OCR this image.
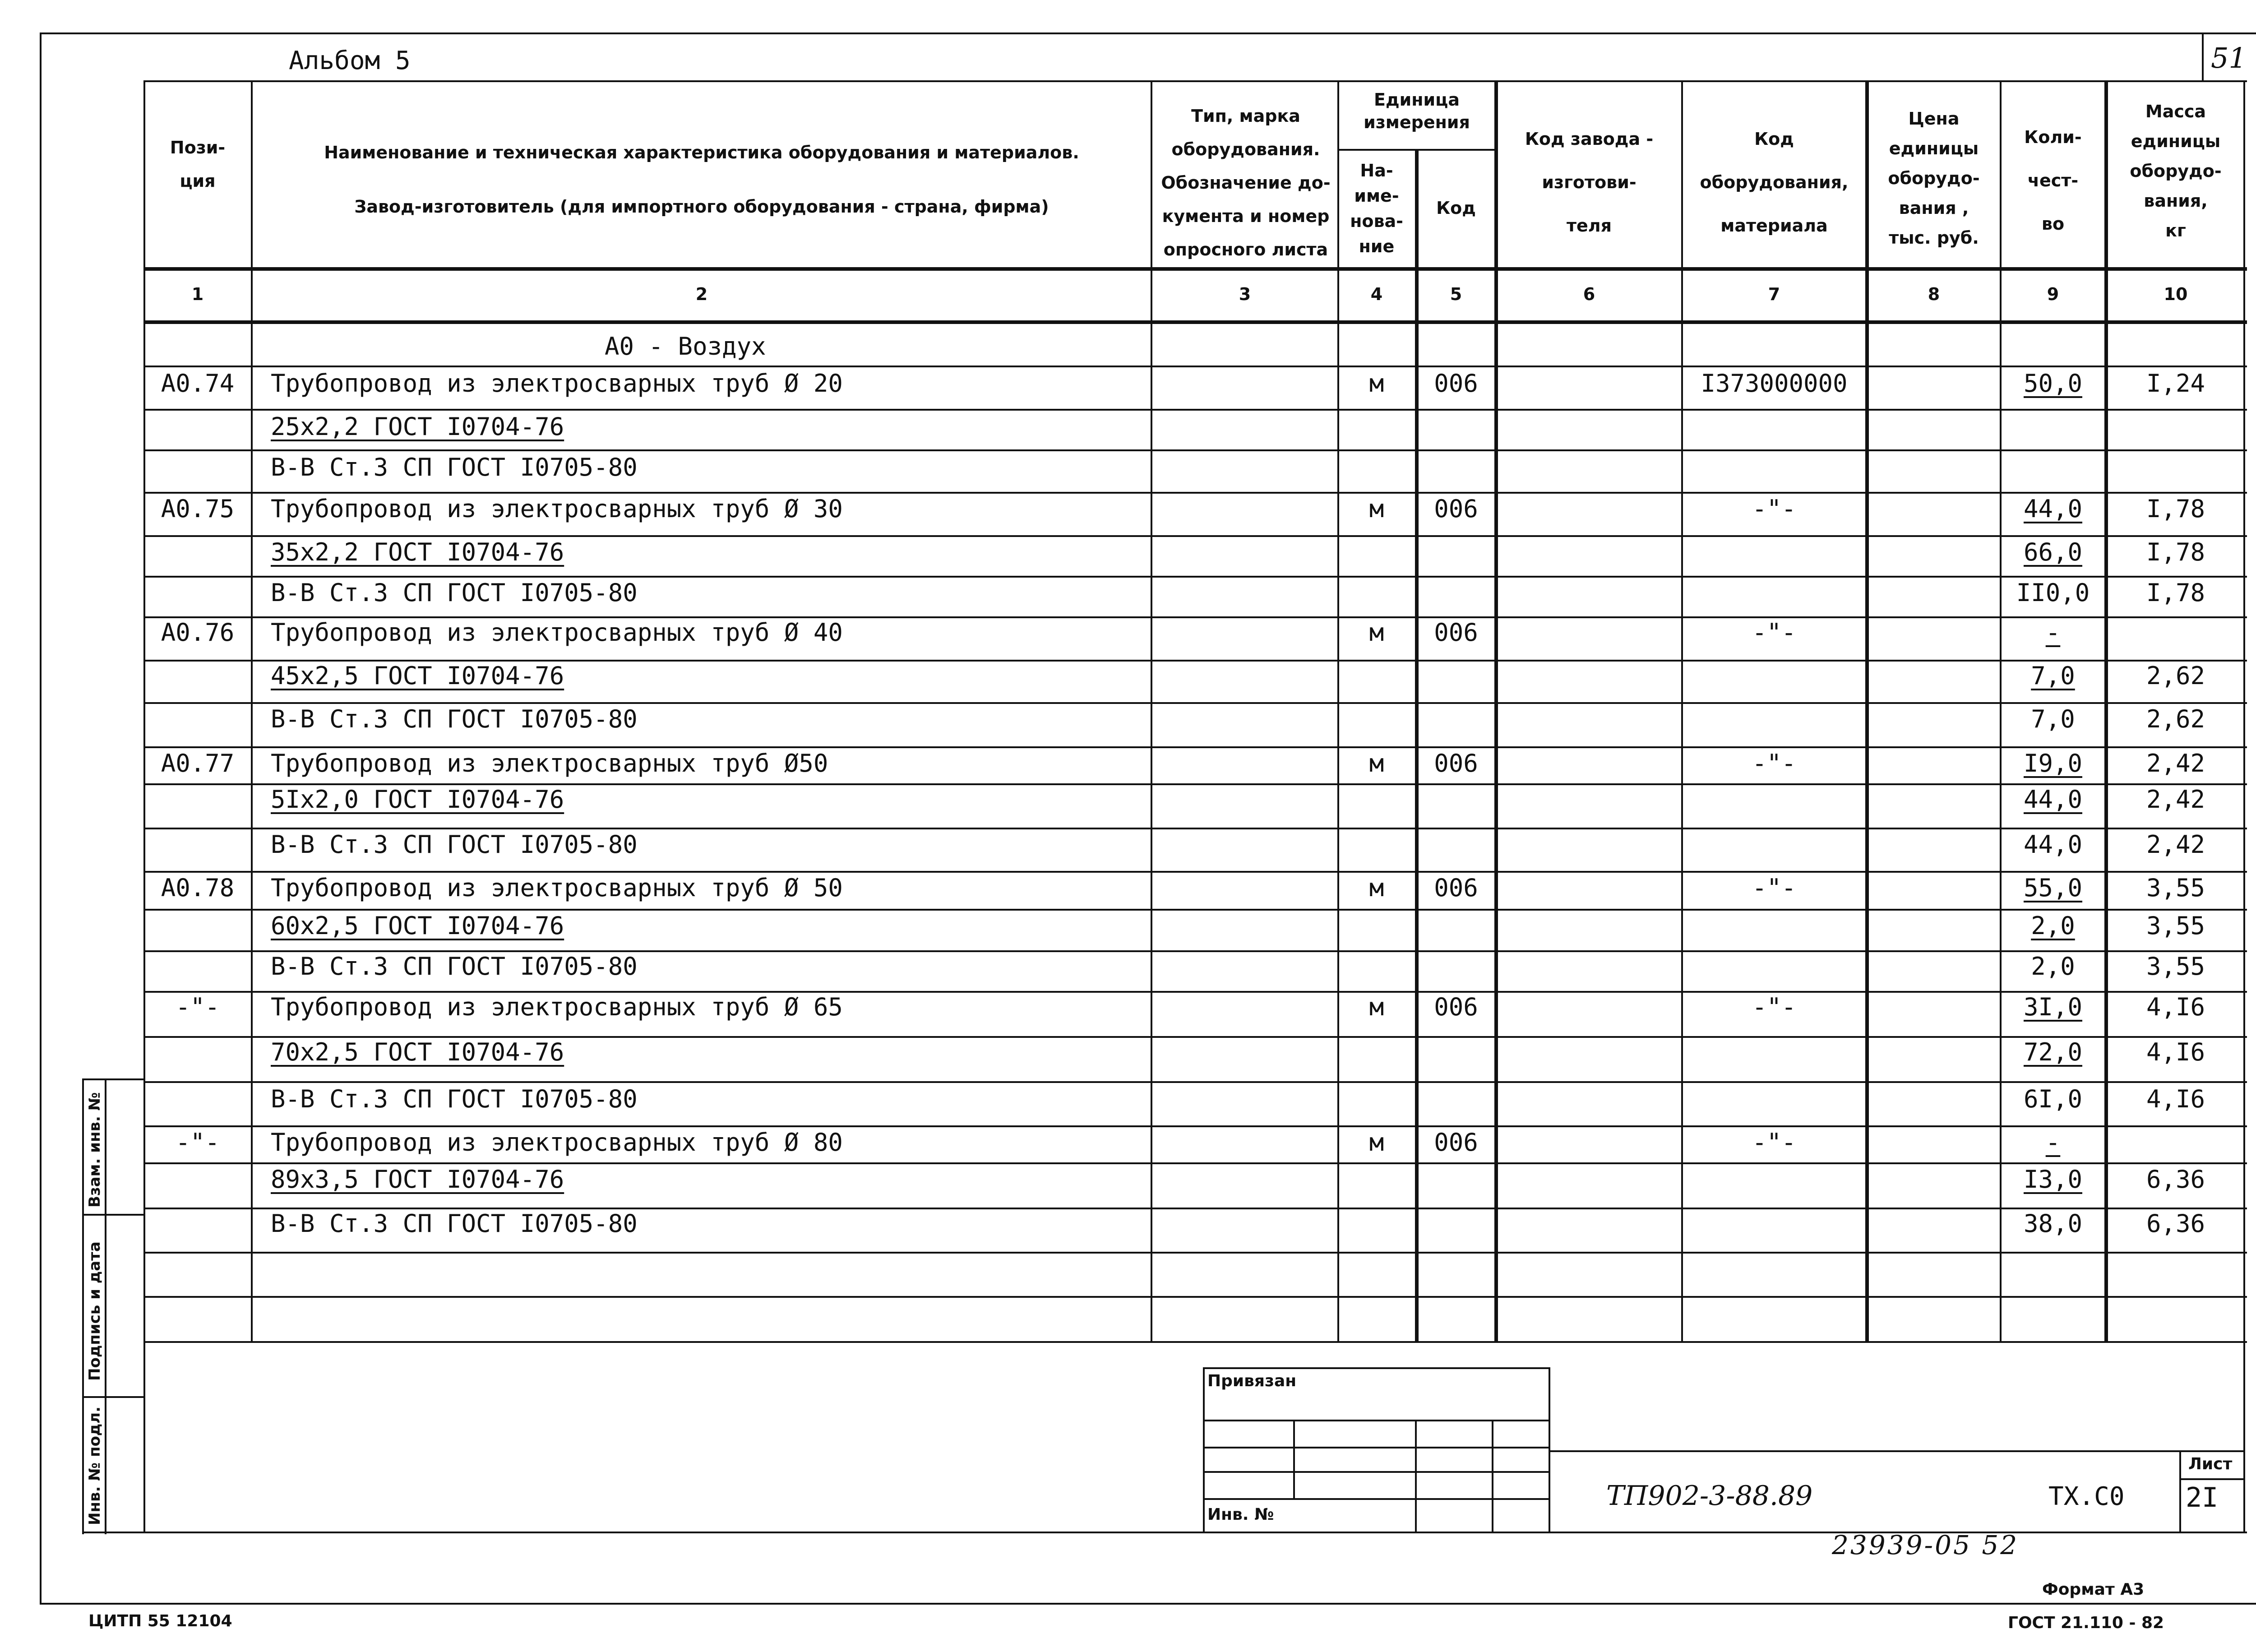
51
Альбом 5
Пози-
ция
Наименование и техническая характеристика оборудования и материалов.
Завод-изготовитель (для импортного оборудования - страна, фирма)
Тип, марка
оборудования.
Обозначение до-
кумента и номер
опросного листа
Единица
измерения
На-
име-
нова-
ние
Код
Код завода -
изготови-
теля
Код
оборудования,
материала
Цена
единицы
оборудо-
вания ,
тыс. руб.
Коли-
чест-
во
Масса
единицы
оборудо-
вания,
кг
1	2	3	4	5	6	7	8	9	10
А0 - Воздух
А0.74	Трубопровод из электросварных труб Ø 20	м	006	I373000000	50,0	I,24
25х2,2 ГОСТ I0704-76
В-В Ст.3 СП ГОСТ I0705-80
А0.75	Трубопровод из электросварных труб Ø 30	м	006	-"-	44,0	I,78
35х2,2 ГОСТ I0704-76	66,0	I,78
В-В Ст.3 СП ГОСТ I0705-80	II0,0	I,78
А0.76	Трубопровод из электросварных труб Ø 40	м	006	-"-	-
45х2,5 ГОСТ I0704-76	7,0	2,62
В-В Ст.3 СП ГОСТ I0705-80	7,0	2,62
А0.77	Трубопровод из электросварных труб Ø50	м	006	-"-	I9,0	2,42
5Iх2,0 ГОСТ I0704-76	44,0	2,42
В-В Ст.3 СП ГОСТ I0705-80	44,0	2,42
А0.78	Трубопровод из электросварных труб Ø 50	м	006	-"-	55,0	3,55
60х2,5 ГОСТ I0704-76	2,0	3,55
В-В Ст.3 СП ГОСТ I0705-80	2,0	3,55
-"-	Трубопровод из электросварных труб Ø 65	м	006	-"-	3I,0	4,I6
70х2,5 ГОСТ I0704-76	72,0	4,I6
В-В Ст.3 СП ГОСТ I0705-80	6I,0	4,I6
-"-	Трубопровод из электросварных труб Ø 80	м	006	-"-	-
89х3,5 ГОСТ I0704-76	I3,0	6,36
В-В Ст.3 СП ГОСТ I0705-80	38,0	6,36
Взам. инв. №
Подпись и дата
Инв. № подл.
Привязан
Инв. №
ТП902-3-88.89	ТХ.С0
Лист
2I
23939-05 52
ЦИТП 55 12104
Формат А3
ГОСТ 21.110 - 82
